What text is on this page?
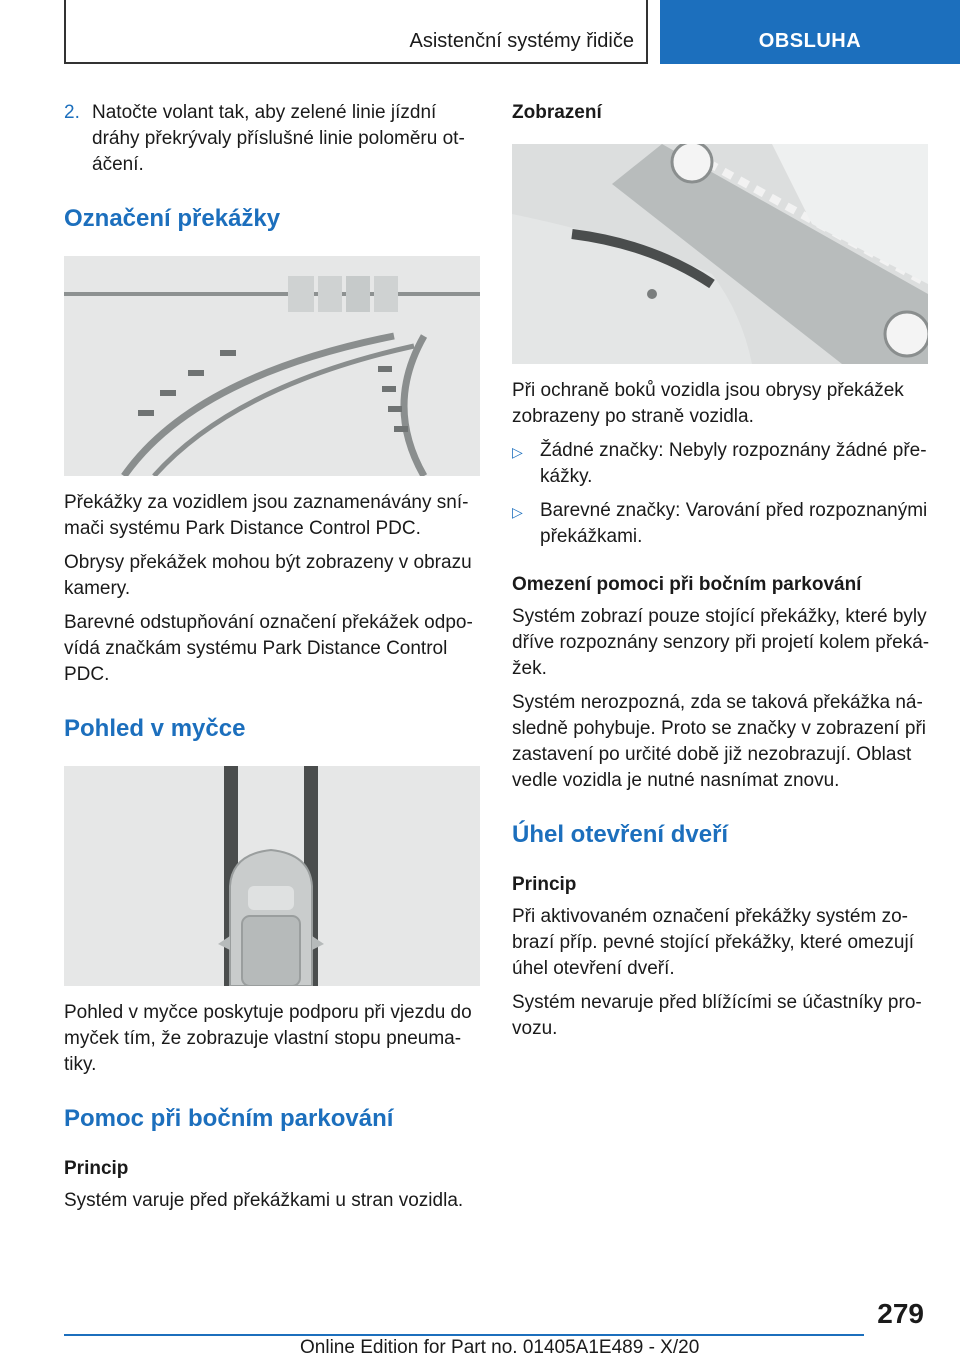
Asistenční systémy řidiče	OBSLUHA
2. Natočte volant tak, aby zelené linie jízdní dráhy překrývaly příslušné linie poloměru ot- áčení.
Označení překážky

Překážky za vozidlem jsou zaznamenávány sní- mači systému Park Distance Control PDC.

Obrysy překážek mohou být zobrazeny v obrazu kamery.

Barevné odstupňování označení překážek odpo- vídá značkám systému Park Distance Control PDC.

Pohled v myčce

Pohled v myčce poskytuje podporu při vjezdu do myček tím, že zobrazuje vlastní stopu pneuma- tiky.

Pomoc při bočním parkování
Princip

Systém varuje před překážkami u stran vozidla.

Zobrazení

Při ochraně boků vozidla jsou obrysy překážek zobrazeny po straně vozidla.

▷ Žádné značky: Nebyly rozpoznány žádné pře- kážky.
▷ Barevné značky: Varování před rozpoznanými překážkami.
Omezení pomoci při bočním parkování

Systém zobrazí pouze stojící překážky, které byly dříve rozpoznány senzory při projetí kolem překá- žek.

Systém nerozpozná, zda se taková překážka ná- sledně pohybuje. Proto se značky v zobrazení při zastavení po určité době již nezobrazují. Oblast vedle vozidla je nutné nasnímat znovu.

Úhel otevření dveří
Princip

Při aktivovaném označení překážky systém zo- brazí příp. pevné stojící překážky, které omezují úhel otevření dveří.

Systém nevaruje před blížícími se účastníky pro- vozu.

279
Online Edition for Part no. 01405A1E489 - X/20
